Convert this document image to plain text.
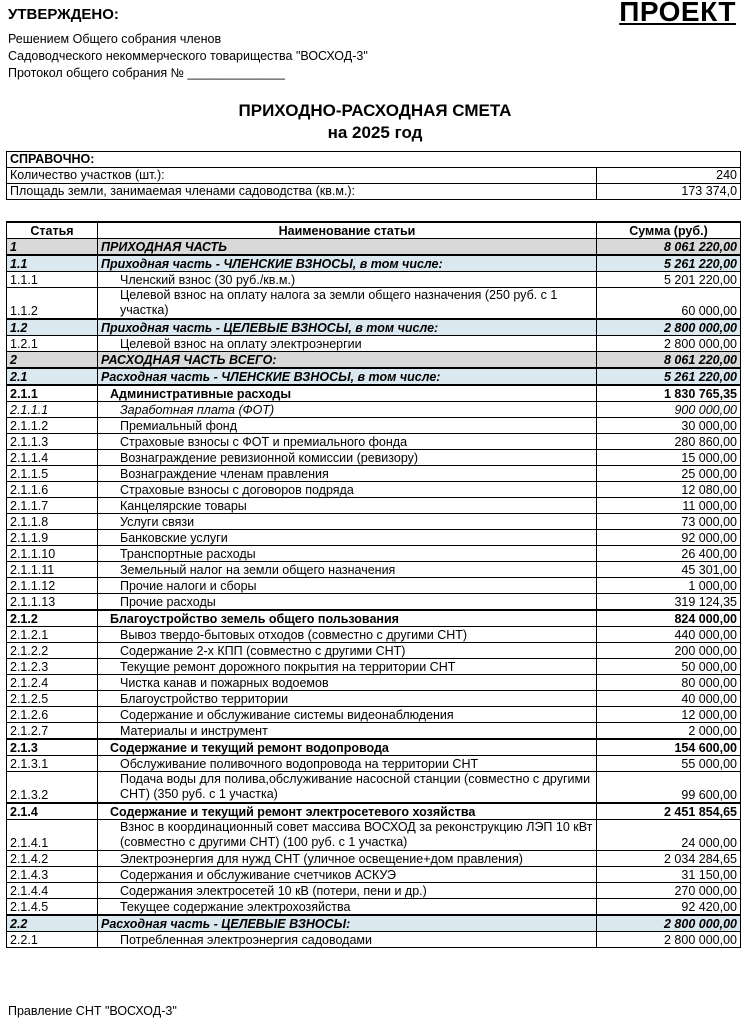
УТВЕРЖДЕНО:	ПРОЕКТ
Решением Общего собрания членов
Садоводческого некоммерческого товарищества "ВОСХОД-3"
Протокол общего собрания № ______________
ПРИХОДНО-РАСХОДНАЯ СМЕТА
на 2025 год
СПРАВОЧНО:	
Количество участков (шт.):	240
Площадь земли, занимаемая членами садоводства (кв.м.):	173 374,0
Статья	Наименование статьи	Сумма (руб.)
1	ПРИХОДНАЯ ЧАСТЬ	8 061 220,00
1.1	Приходная часть - ЧЛЕНСКИЕ ВЗНОСЫ, в том числе:	5 261 220,00
1.1.1	Членский взнос (30 руб./кв.м.)	5 201 220,00
1.1.2	Целевой взнос на оплату налога за земли общего назначения (250 руб. с 1 участка)	60 000,00
1.2	Приходная часть - ЦЕЛЕВЫЕ ВЗНОСЫ, в том числе:	2 800 000,00
1.2.1	Целевой взнос на оплату электроэнергии	2 800 000,00
2	РАСХОДНАЯ ЧАСТЬ ВСЕГО:	8 061 220,00
2.1	Расходная часть - ЧЛЕНСКИЕ ВЗНОСЫ, в том числе:	5 261 220,00
2.1.1	Административные расходы	1 830 765,35
2.1.1.1	Заработная плата (ФОТ)	900 000,00
2.1.1.2	Премиальный фонд	30 000,00
2.1.1.3	Страховые взносы с ФОТ и премиального фонда	280 860,00
2.1.1.4	Вознаграждение ревизионной комиссии (ревизору)	15 000,00
2.1.1.5	Вознаграждение членам правления	25 000,00
2.1.1.6	Страховые взносы с договоров подряда	12 080,00
2.1.1.7	Канцелярские товары	11 000,00
2.1.1.8	Услуги связи	73 000,00
2.1.1.9	Банковские услуги	92 000,00
2.1.1.10	Транспортные расходы	26 400,00
2.1.1.11	Земельный налог на земли общего назначения	45 301,00
2.1.1.12	Прочие налоги и сборы	1 000,00
2.1.1.13	Прочие расходы	319 124,35
2.1.2	Благоустройство земель общего пользования	824 000,00
2.1.2.1	Вывоз твердо-бытовых отходов (совместно с другими СНТ)	440 000,00
2.1.2.2	Содержание 2-х КПП (совместно с другими СНТ)	200 000,00
2.1.2.3	Текущие ремонт дорожного покрытия на территории СНТ	50 000,00
2.1.2.4	Чистка канав и пожарных водоемов	80 000,00
2.1.2.5	Благоустройство территории	40 000,00
2.1.2.6	Содержание и обслуживание системы видеонаблюдения	12 000,00
2.1.2.7	Материалы и инструмент	2 000,00
2.1.3	Содержание и текущий ремонт водопровода	154 600,00
2.1.3.1	Обслуживание поливочного водопровода на территории СНТ	55 000,00
2.1.3.2	Подача воды для полива,обслуживание насосной станции (совместно с другими СНТ) (350 руб. с 1 участка)	99 600,00
2.1.4	Содержание и текущий ремонт электросетевого хозяйства	2 451 854,65
2.1.4.1	Взнос в координационный совет массива ВОСХОД за реконструкцию ЛЭП 10 кВт (совместно с другими СНТ) (100 руб. с 1 участка)	24 000,00
2.1.4.2	Электроэнергия для нужд СНТ (уличное освещение+дом правления)	2 034 284,65
2.1.4.3	Содержания и обслуживание счетчиков АСКУЭ	31 150,00
2.1.4.4	Содержания электросетей 10 кВ (потери, пени и др.)	270 000,00
2.1.4.5	Текущее содержание электрохозяйства	92 420,00
2.2	Расходная часть - ЦЕЛЕВЫЕ ВЗНОСЫ:	2 800 000,00
2.2.1	Потребленная электроэнергия садоводами	2 800 000,00
Правление СНТ "ВОСХОД-3"
